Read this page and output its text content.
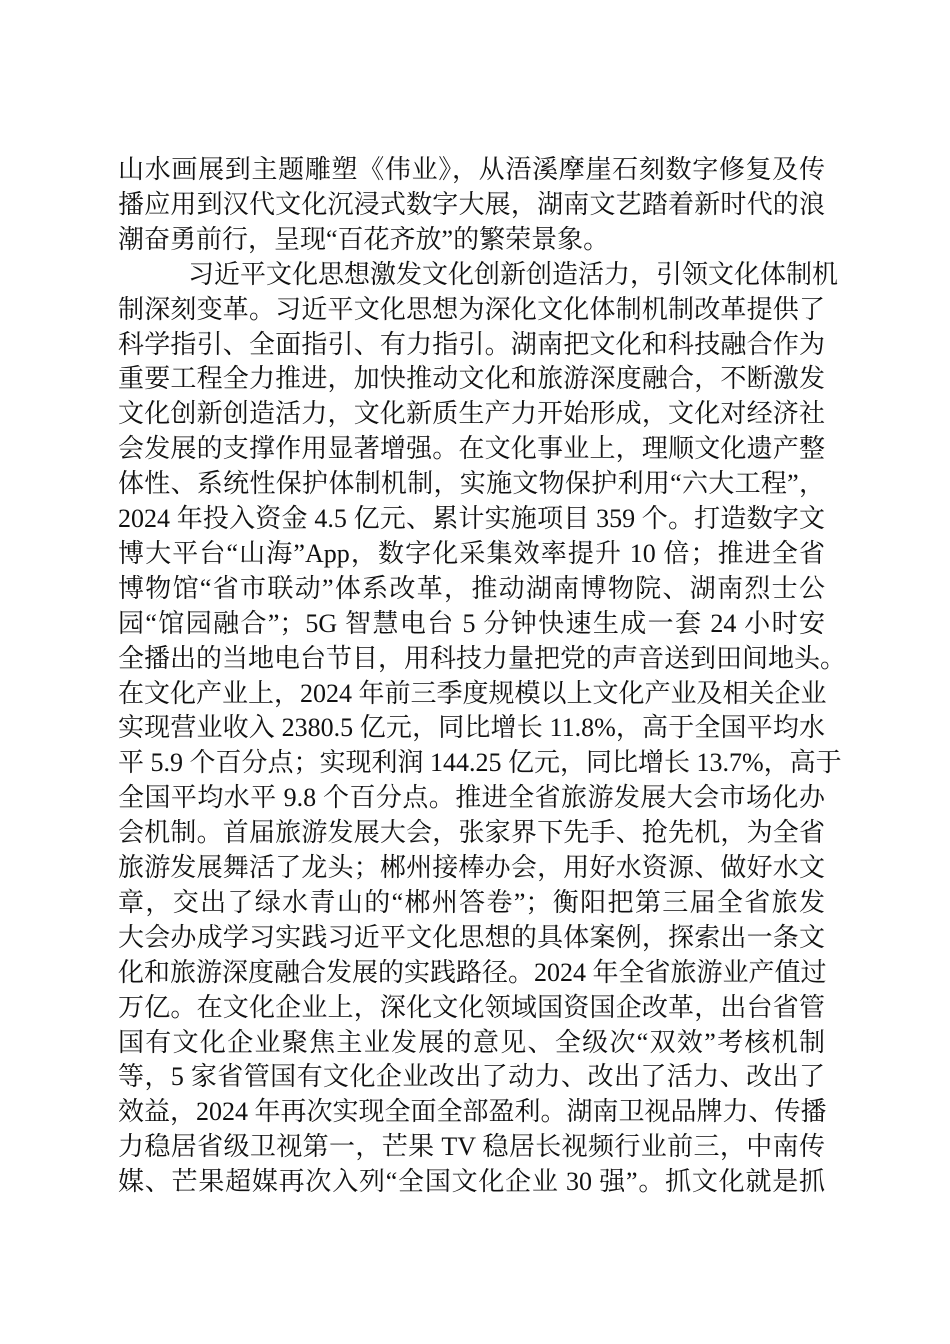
山水画展到主题雕塑《伟业》，从浯溪摩崖石刻数字修复及传
播应用到汉代文化沉浸式数字大展，湖南文艺踏着新时代的浪
潮奋勇前行，呈现“百花齐放”的繁荣景象。
习近平文化思想激发文化创新创造活力，引领文化体制机
制深刻变革。习近平文化思想为深化文化体制机制改革提供了
科学指引、全面指引、有力指引。湖南把文化和科技融合作为
重要工程全力推进，加快推动文化和旅游深度融合，不断激发
文化创新创造活力，文化新质生产力开始形成，文化对经济社
会发展的支撑作用显著增强。在文化事业上，理顺文化遗产整
体性、系统性保护体制机制，实施文物保护利用“六大工程”，
2024 年投入资金 4.5 亿元、累计实施项目 359 个。打造数字文
博大平台“山海”App，数字化采集效率提升 10 倍；推进全省
博物馆“省市联动”体系改革，推动湖南博物院、湖南烈士公
园“馆园融合”；5G 智慧电台 5 分钟快速生成一套 24 小时安
全播出的当地电台节目，用科技力量把党的声音送到田间地头。
在文化产业上，2024 年前三季度规模以上文化产业及相关企业
实现营业收入 2380.5 亿元，同比增长 11.8%，高于全国平均水
平 5.9 个百分点；实现利润 144.25 亿元，同比增长 13.7%，高于
全国平均水平 9.8 个百分点。推进全省旅游发展大会市场化办
会机制。首届旅游发展大会，张家界下先手、抢先机，为全省
旅游发展舞活了龙头；郴州接棒办会，用好水资源、做好水文
章，交出了绿水青山的“郴州答卷”；衡阳把第三届全省旅发
大会办成学习实践习近平文化思想的具体案例，探索出一条文
化和旅游深度融合发展的实践路径。2024 年全省旅游业产值过
万亿。在文化企业上，深化文化领域国资国企改革，出台省管
国有文化企业聚焦主业发展的意见、全级次“双效”考核机制
等，5 家省管国有文化企业改出了动力、改出了活力、改出了
效益，2024 年再次实现全面全部盈利。湖南卫视品牌力、传播
力稳居省级卫视第一，芒果 TV 稳居长视频行业前三，中南传
媒、芒果超媒再次入列“全国文化企业 30 强”。抓文化就是抓
